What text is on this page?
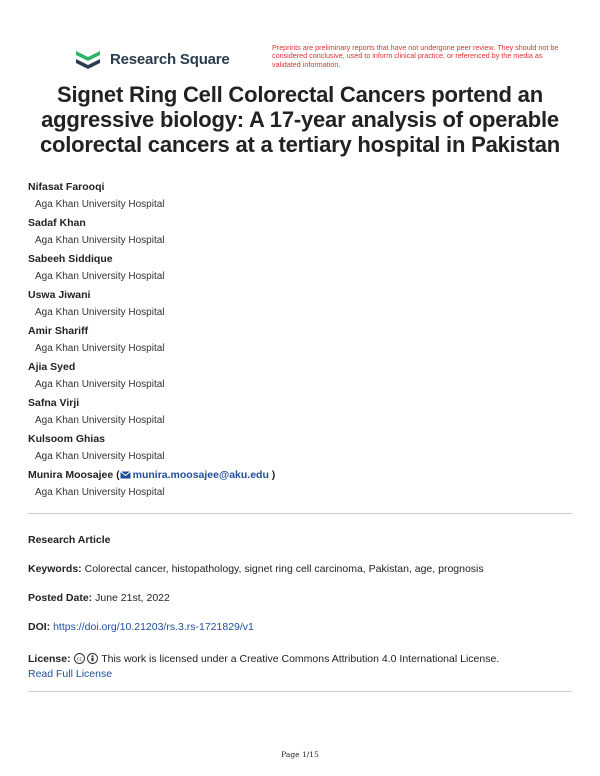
Research Square
Preprints are preliminary reports that have not undergone peer review. They should not be considered conclusive, used to inform clinical practice, or referenced by the media as validated information.
Signet Ring Cell Colorectal Cancers portend an aggressive biology: A 17-year analysis of operable colorectal cancers at a tertiary hospital in Pakistan
Nifasat Farooqi
Aga Khan University Hospital
Sadaf Khan
Aga Khan University Hospital
Sabeeh Siddique
Aga Khan University Hospital
Uswa Jiwani
Aga Khan University Hospital
Amir Shariff
Aga Khan University Hospital
Ajia Syed
Aga Khan University Hospital
Safna Virji
Aga Khan University Hospital
Kulsoom Ghias
Aga Khan University Hospital
Munira Moosajee ( munira.moosajee@aku.edu )
Aga Khan University Hospital
Research Article
Keywords: Colorectal cancer, histopathology, signet ring cell carcinoma, Pakistan, age, prognosis
Posted Date: June 21st, 2022
DOI: https://doi.org/10.21203/rs.3.rs-1721829/v1
License: cc This work is licensed under a Creative Commons Attribution 4.0 International License.
Read Full License
Page 1/15
